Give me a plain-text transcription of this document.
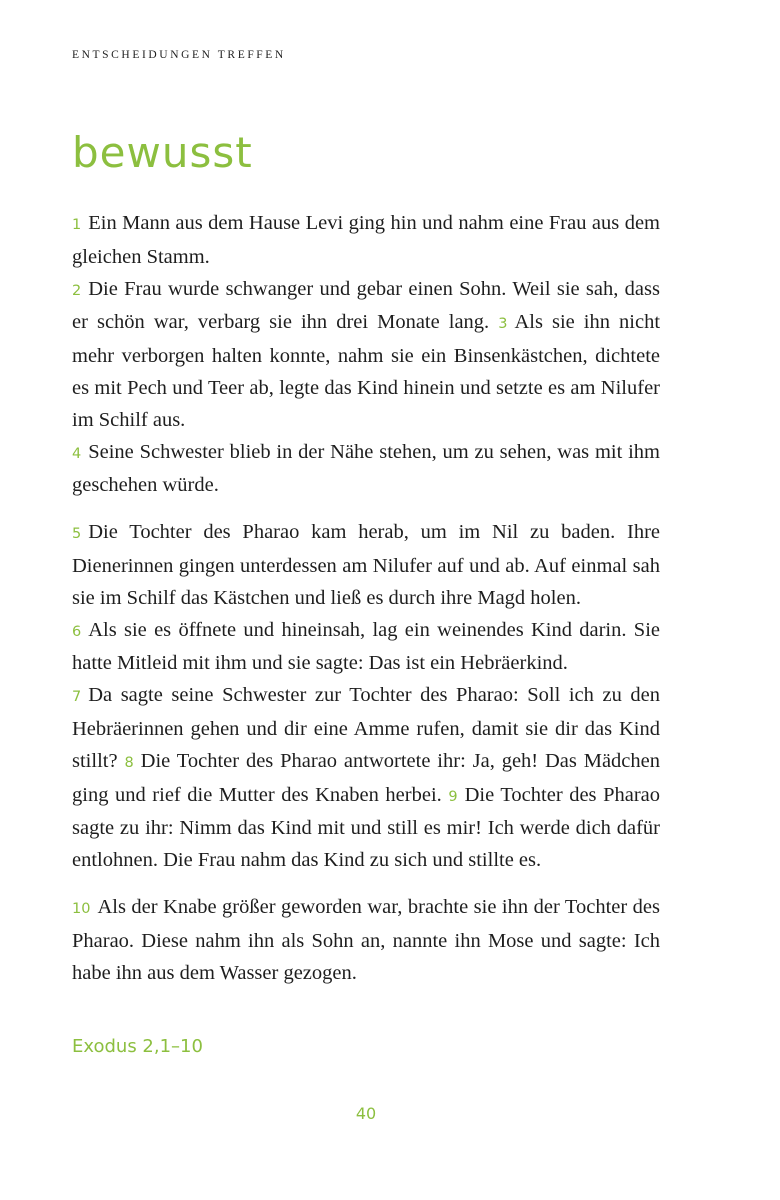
ENTSCHEIDUNGEN TREFFEN
bewusst

1 Ein Mann aus dem Hause Levi ging hin und nahm eine Frau aus dem gleichen Stamm.
2 Die Frau wurde schwanger und gebar einen Sohn. Weil sie sah, dass er schön war, verbarg sie ihn drei Monate lang. 3 Als sie ihn nicht mehr verborgen halten konnte, nahm sie ein Binsenkästchen, dichtete es mit Pech und Teer ab, legte das Kind hinein und setzte es am Nilufer im Schilf aus.
4 Seine Schwester blieb in der Nähe stehen, um zu sehen, was mit ihm geschehen würde.

5 Die Tochter des Pharao kam herab, um im Nil zu baden. Ihre Dienerinnen gingen unterdessen am Nilufer auf und ab. Auf einmal sah sie im Schilf das Kästchen und ließ es durch ihre Magd holen.
6 Als sie es öffnete und hineinsah, lag ein weinendes Kind darin. Sie hatte Mitleid mit ihm und sie sagte: Das ist ein Hebräerkind.
7 Da sagte seine Schwester zur Tochter des Pharao: Soll ich zu den Hebräerinnen gehen und dir eine Amme rufen, damit sie dir das Kind stillt? 8 Die Tochter des Pharao antwortete ihr: Ja, geh! Das Mädchen ging und rief die Mutter des Knaben herbei. 9 Die Tochter des Pharao sagte zu ihr: Nimm das Kind mit und still es mir! Ich werde dich dafür entlohnen. Die Frau nahm das Kind zu sich und stillte es.

10 Als der Knabe größer geworden war, brachte sie ihn der Tochter des Pharao. Diese nahm ihn als Sohn an, nannte ihn Mose und sagte: Ich habe ihn aus dem Wasser gezogen.

Exodus 2,1–10
40
